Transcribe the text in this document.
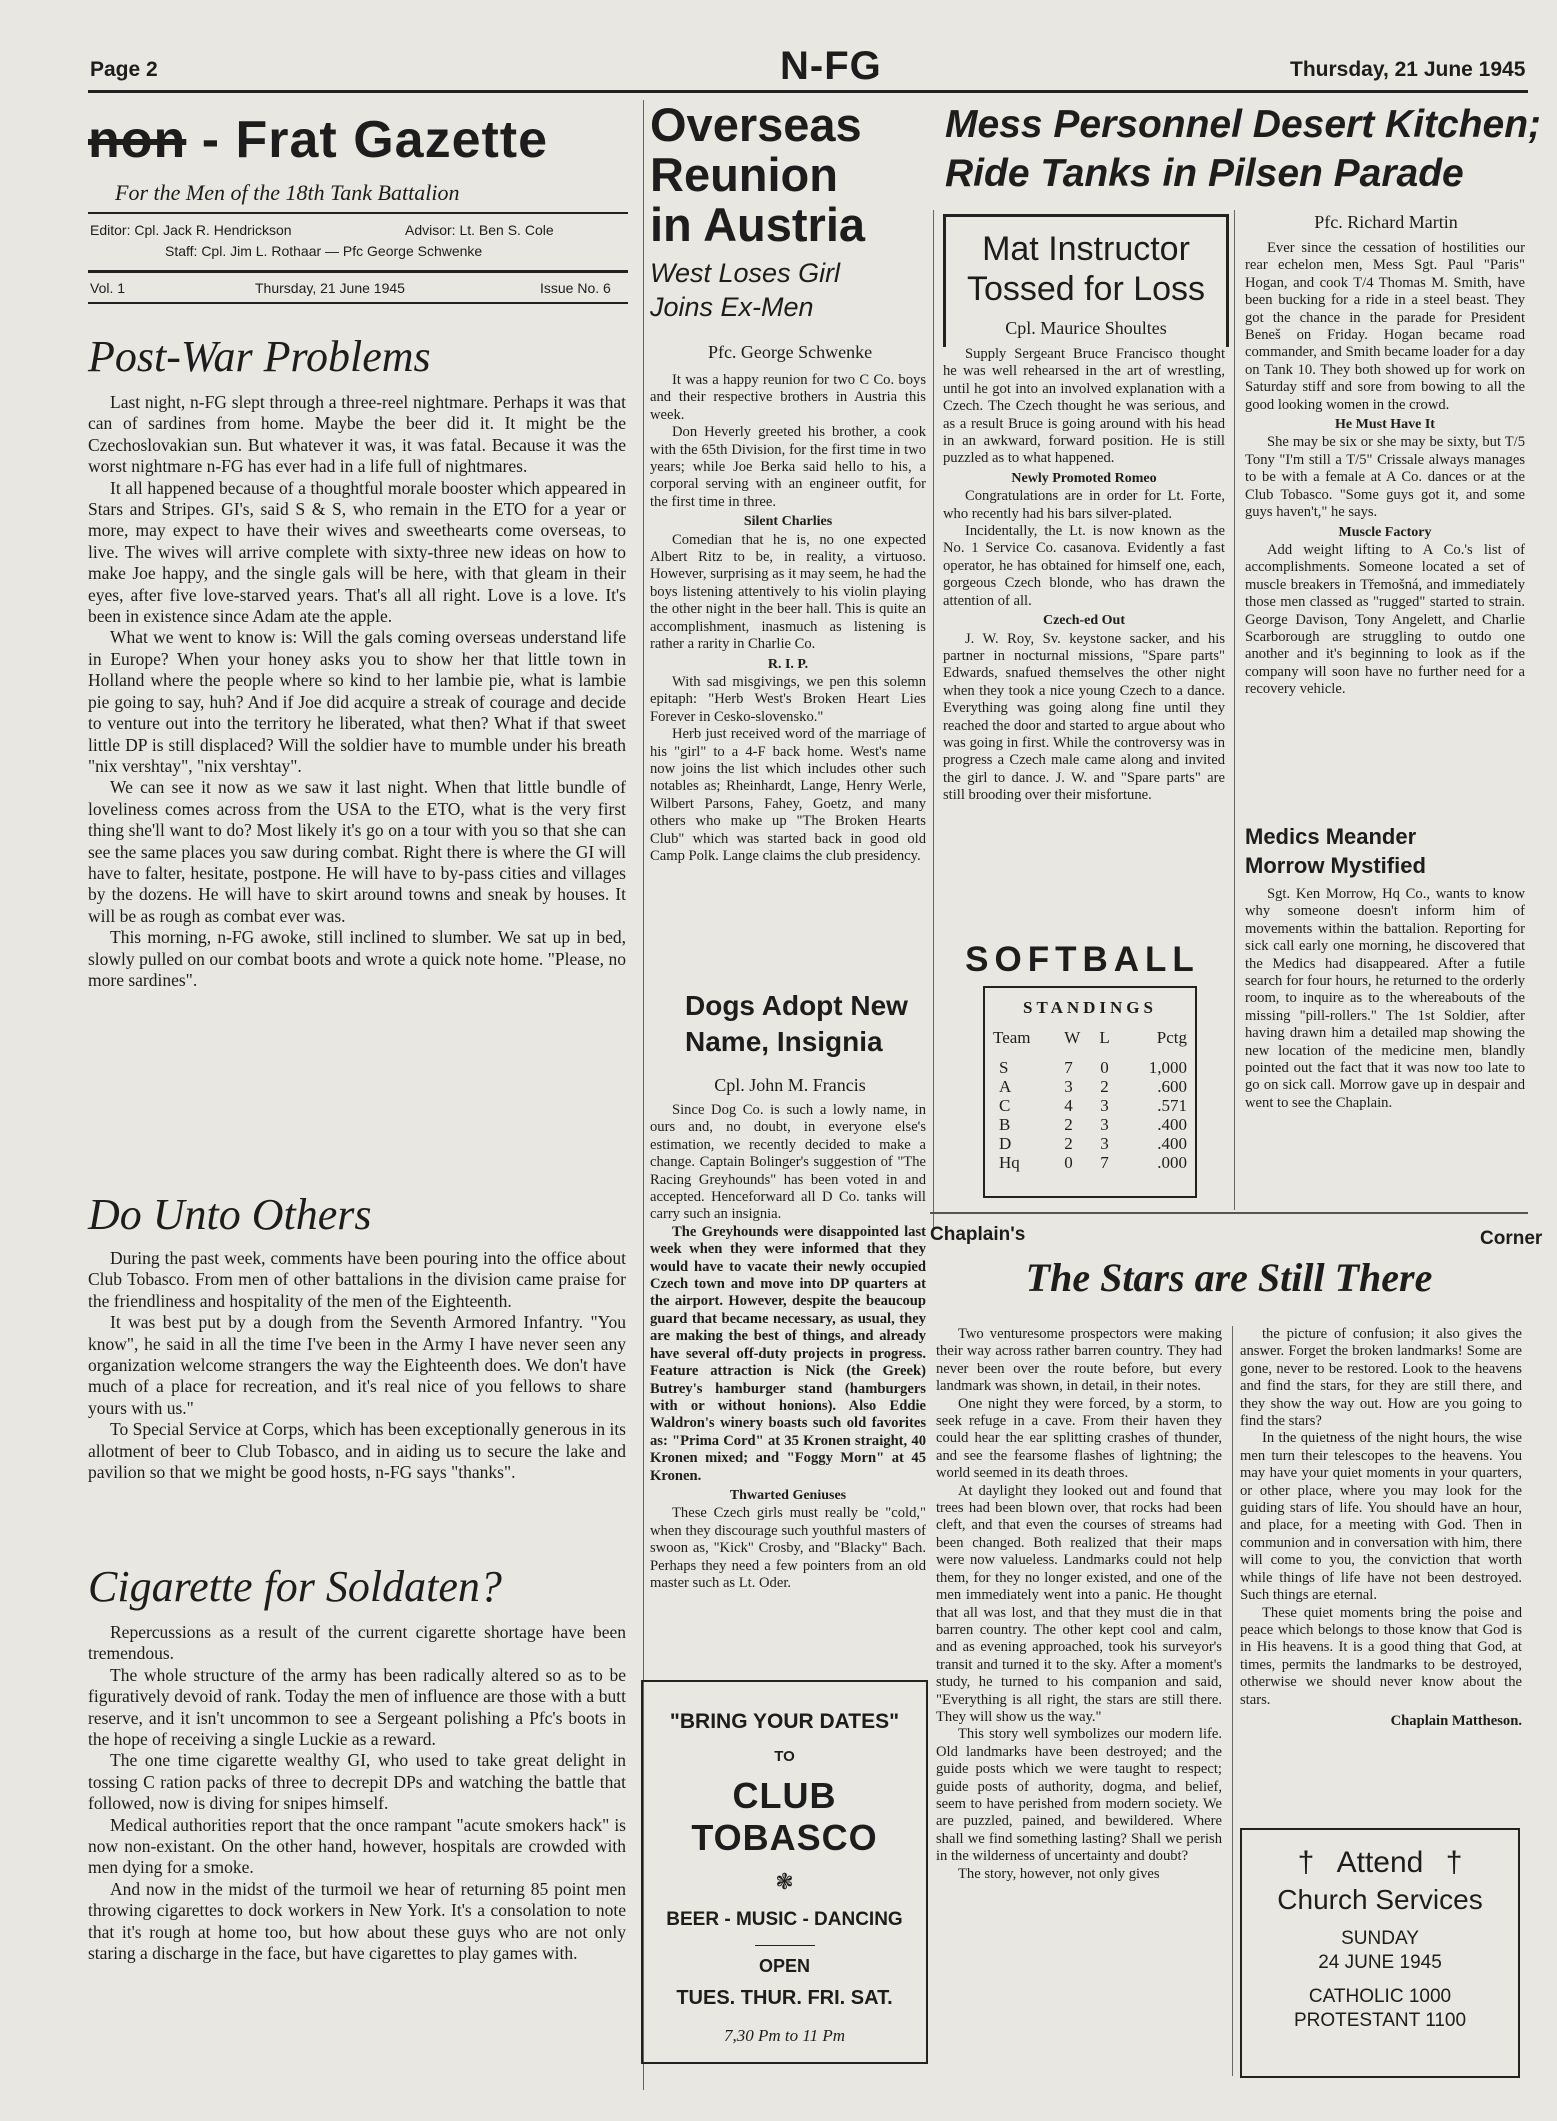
Page 2	N-FG	Thursday, 21 June 1945
non - Frat Gazette
For the Men of the 18th Tank Battalion
Editor: Cpl. Jack R. Hendrickson	Advisor: Lt. Ben S. Cole
Staff: Cpl. Jim L. Rothaar — Pfc George Schwenke
Vol. 1	Thursday, 21 June 1945	Issue No. 6
Post-War Problems

Last night, n-FG slept through a three-reel nightmare. Perhaps it was that can of sardines from home. Maybe the beer did it. It might be the Czechoslovakian sun. But whatever it was, it was fatal. Because it was the worst nightmare n-FG has ever had in a life full of nightmares.

It all happened because of a thoughtful morale booster which appeared in Stars and Stripes. GI's, said S & S, who remain in the ETO for a year or more, may expect to have their wives and sweethearts come overseas, to live. The wives will arrive complete with sixty-three new ideas on how to make Joe happy, and the single gals will be here, with that gleam in their eyes, after five love-starved years. That's all all right. Love is a love. It's been in existence since Adam ate the apple.

What we went to know is: Will the gals coming overseas understand life in Europe? When your honey asks you to show her that little town in Holland where the people where so kind to her lambie pie, what is lambie pie going to say, huh? And if Joe did acquire a streak of courage and decide to venture out into the territory he liberated, what then? What if that sweet little DP is still displaced? Will the soldier have to mumble under his breath "nix vershtay", "nix vershtay".

We can see it now as we saw it last night. When that little bundle of loveliness comes across from the USA to the ETO, what is the very first thing she'll want to do? Most likely it's go on a tour with you so that she can see the same places you saw during combat. Right there is where the GI will have to falter, hesitate, postpone. He will have to by-pass cities and villages by the dozens. He will have to skirt around towns and sneak by houses. It will be as rough as combat ever was.

This morning, n-FG awoke, still inclined to slumber. We sat up in bed, slowly pulled on our combat boots and wrote a quick note home. "Please, no more sardines".

Do Unto Others

During the past week, comments have been pouring into the office about Club Tobasco. From men of other battalions in the division came praise for the friendliness and hospitality of the men of the Eighteenth.

It was best put by a dough from the Seventh Armored Infantry. "You know", he said in all the time I've been in the Army I have never seen any organization welcome strangers the way the Eighteenth does. We don't have much of a place for recreation, and it's real nice of you fellows to share yours with us."

To Special Service at Corps, which has been exceptionally generous in its allotment of beer to Club Tobasco, and in aiding us to secure the lake and pavilion so that we might be good hosts, n-FG says "thanks".

Cigarette for Soldaten?

Repercussions as a result of the current cigarette shortage have been tremendous.

The whole structure of the army has been radically altered so as to be figuratively devoid of rank. Today the men of influence are those with a butt reserve, and it isn't uncommon to see a Sergeant polishing a Pfc's boots in the hope of receiving a single Luckie as a reward.

The one time cigarette wealthy GI, who used to take great delight in tossing C ration packs of three to decrepit DPs and watching the battle that followed, now is diving for snipes himself.

Medical authorities report that the once rampant "acute smokers hack" is now non-existant. On the other hand, however, hospitals are crowded with men dying for a smoke.

And now in the midst of the turmoil we hear of returning 85 point men throwing cigarettes to dock workers in New York. It's a consolation to note that it's rough at home too, but how about these guys who are not only staring a discharge in the face, but have cigarettes to play games with.

Overseas
Reunion
in Austria
West Loses Girl
Joins Ex-Men
Pfc. George Schwenke

It was a happy reunion for two C Co. boys and their respective brothers in Austria this week.

Don Heverly greeted his brother, a cook with the 65th Division, for the first time in two years; while Joe Berka said hello to his, a corporal serving with an engineer outfit, for the first time in three.

Silent Charlies

Comedian that he is, no one expected Albert Ritz to be, in reality, a virtuoso. However, surprising as it may seem, he had the boys listening attentively to his violin playing the other night in the beer hall. This is quite an accomplishment, inasmuch as listening is rather a rarity in Charlie Co.

R. I. P.

With sad misgivings, we pen this solemn epitaph: "Herb West's Broken Heart Lies Forever in Cesko-slovensko."

Herb just received word of the marriage of his "girl" to a 4-F back home. West's name now joins the list which includes other such notables as; Rheinhardt, Lange, Henry Werle, Wilbert Parsons, Fahey, Goetz, and many others who make up "The Broken Hearts Club" which was started back in good old Camp Polk. Lange claims the club presidency.

Dogs Adopt New
Name, Insignia
Cpl. John M. Francis

Since Dog Co. is such a lowly name, in ours and, no doubt, in everyone else's estimation, we recently decided to make a change. Captain Bolinger's suggestion of "The Racing Greyhounds" has been voted in and accepted. Henceforward all D Co. tanks will carry such an insignia.

The Greyhounds were disappointed last week when they were informed that they would have to vacate their newly occupied Czech town and move into DP quarters at the airport. However, despite the beaucoup guard that became necessary, as usual, they are making the best of things, and already have several off-duty projects in progress. Feature attraction is Nick (the Greek) Butrey's hamburger stand (hamburgers with or without honions). Also Eddie Waldron's winery boasts such old favorites as: "Prima Cord" at 35 Kronen straight, 40 Kronen mixed; and "Foggy Morn" at 45 Kronen.

Thwarted Geniuses

These Czech girls must really be "cold," when they discourage such youthful masters of swoon as, "Kick" Crosby, and "Blacky" Bach. Perhaps they need a few pointers from an old master such as Lt. Oder.

"BRING YOUR DATES"
TO
CLUB TOBASCO
❃
BEER - MUSIC - DANCING
OPEN
TUES. THUR. FRI. SAT.
7,30 Pm to 11 Pm
Mess Personnel Desert Kitchen;
Ride Tanks in Pilsen Parade
Mat Instructor
Tossed for Loss
Cpl. Maurice Shoultes

Supply Sergeant Bruce Francisco thought he was well rehearsed in the art of wrestling, until he got into an involved explanation with a Czech. The Czech thought he was serious, and as a result Bruce is going around with his head in an awkward, forward position. He is still puzzled as to what happened.

Newly Promoted Romeo

Congratulations are in order for Lt. Forte, who recently had his bars silver-plated.

Incidentally, the Lt. is now known as the No. 1 Service Co. casanova. Evidently a fast operator, he has obtained for himself one, each, gorgeous Czech blonde, who has drawn the attention of all.

Czech-ed Out

J. W. Roy, Sv. keystone sacker, and his partner in nocturnal missions, "Spare parts" Edwards, snafued themselves the other night when they took a nice young Czech to a dance. Everything was going along fine until they reached the door and started to argue about who was going in first. While the controversy was in progress a Czech male came along and invited the girl to dance. J. W. and "Spare parts" are still brooding over their misfortune.

Pfc. Richard Martin

Ever since the cessation of hostilities our rear echelon men, Mess Sgt. Paul "Paris" Hogan, and cook T/4 Thomas M. Smith, have been bucking for a ride in a steel beast. They got the chance in the parade for President Beneš on Friday. Hogan became road commander, and Smith became loader for a day on Tank 10. They both showed up for work on Saturday stiff and sore from bowing to all the good looking women in the crowd.

He Must Have It

She may be six or she may be sixty, but T/5 Tony "I'm still a T/5" Crissale always manages to be with a female at A Co. dances or at the Club Tobasco. "Some guys got it, and some guys haven't," he says.

Muscle Factory

Add weight lifting to A Co.'s list of accomplishments. Someone located a set of muscle breakers in Třemošná, and immediately those men classed as "rugged" started to strain. George Davison, Tony Angelett, and Charlie Scarborough are struggling to outdo one another and it's beginning to look as if the company will soon have no further need for a recovery vehicle.

Medics Meander
Morrow Mystified

Sgt. Ken Morrow, Hq Co., wants to know why someone doesn't inform him of movements within the battalion. Reporting for sick call early one morning, he discovered that the Medics had disappeared. After a futile search for four hours, he returned to the orderly room, to inquire as to the whereabouts of the missing "pill-rollers." The 1st Soldier, after having drawn him a detailed map showing the new location of the medicine men, blandly pointed out the fact that it was now too late to go on sick call. Morrow gave up in despair and went to see the Chaplain.

SOFTBALL
STANDINGS
Team	W	L	Pctg
S	7	0	1,000
A	3	2	.600
C	4	3	.571
B	2	3	.400
D	2	3	.400
Hq	0	7	.000
Chaplain's	Corner
The Stars are Still There

Two venturesome prospectors were making their way across rather barren country. They had never been over the route before, but every landmark was shown, in detail, in their notes.

One night they were forced, by a storm, to seek refuge in a cave. From their haven they could hear the ear splitting crashes of thunder, and see the fearsome flashes of lightning; the world seemed in its death throes.

At daylight they looked out and found that trees had been blown over, that rocks had been cleft, and that even the courses of streams had been changed. Both realized that their maps were now valueless. Landmarks could not help them, for they no longer existed, and one of the men immediately went into a panic. He thought that all was lost, and that they must die in that barren country. The other kept cool and calm, and as evening approached, took his surveyor's transit and turned it to the sky. After a moment's study, he turned to his companion and said, "Everything is all right, the stars are still there. They will show us the way."

This story well symbolizes our modern life. Old landmarks have been destroyed; and the guide posts which we were taught to respect; guide posts of authority, dogma, and belief, seem to have perished from modern society. We are puzzled, pained, and bewildered. Where shall we find something lasting? Shall we perish in the wilderness of uncertainty and doubt?

The story, however, not only gives

the picture of confusion; it also gives the answer. Forget the broken landmarks! Some are gone, never to be restored. Look to the heavens and find the stars, for they are still there, and they show the way out. How are you going to find the stars?

In the quietness of the night hours, the wise men turn their telescopes to the heavens. You may have your quiet moments in your quarters, or other place, where you may look for the guiding stars of life. You should have an hour, and place, for a meeting with God. Then in communion and in conversation with him, there will come to you, the conviction that worth while things of life have not been destroyed. Such things are eternal.

These quiet moments bring the poise and peace which belongs to those know that God is in His heavens. It is a good thing that God, at times, permits the landmarks to be destroyed, otherwise we should never know about the stars.

Chaplain Mattheson.
† Attend †
Church Services
SUNDAY
24 JUNE 1945
CATHOLIC 1000
PROTESTANT 1100
